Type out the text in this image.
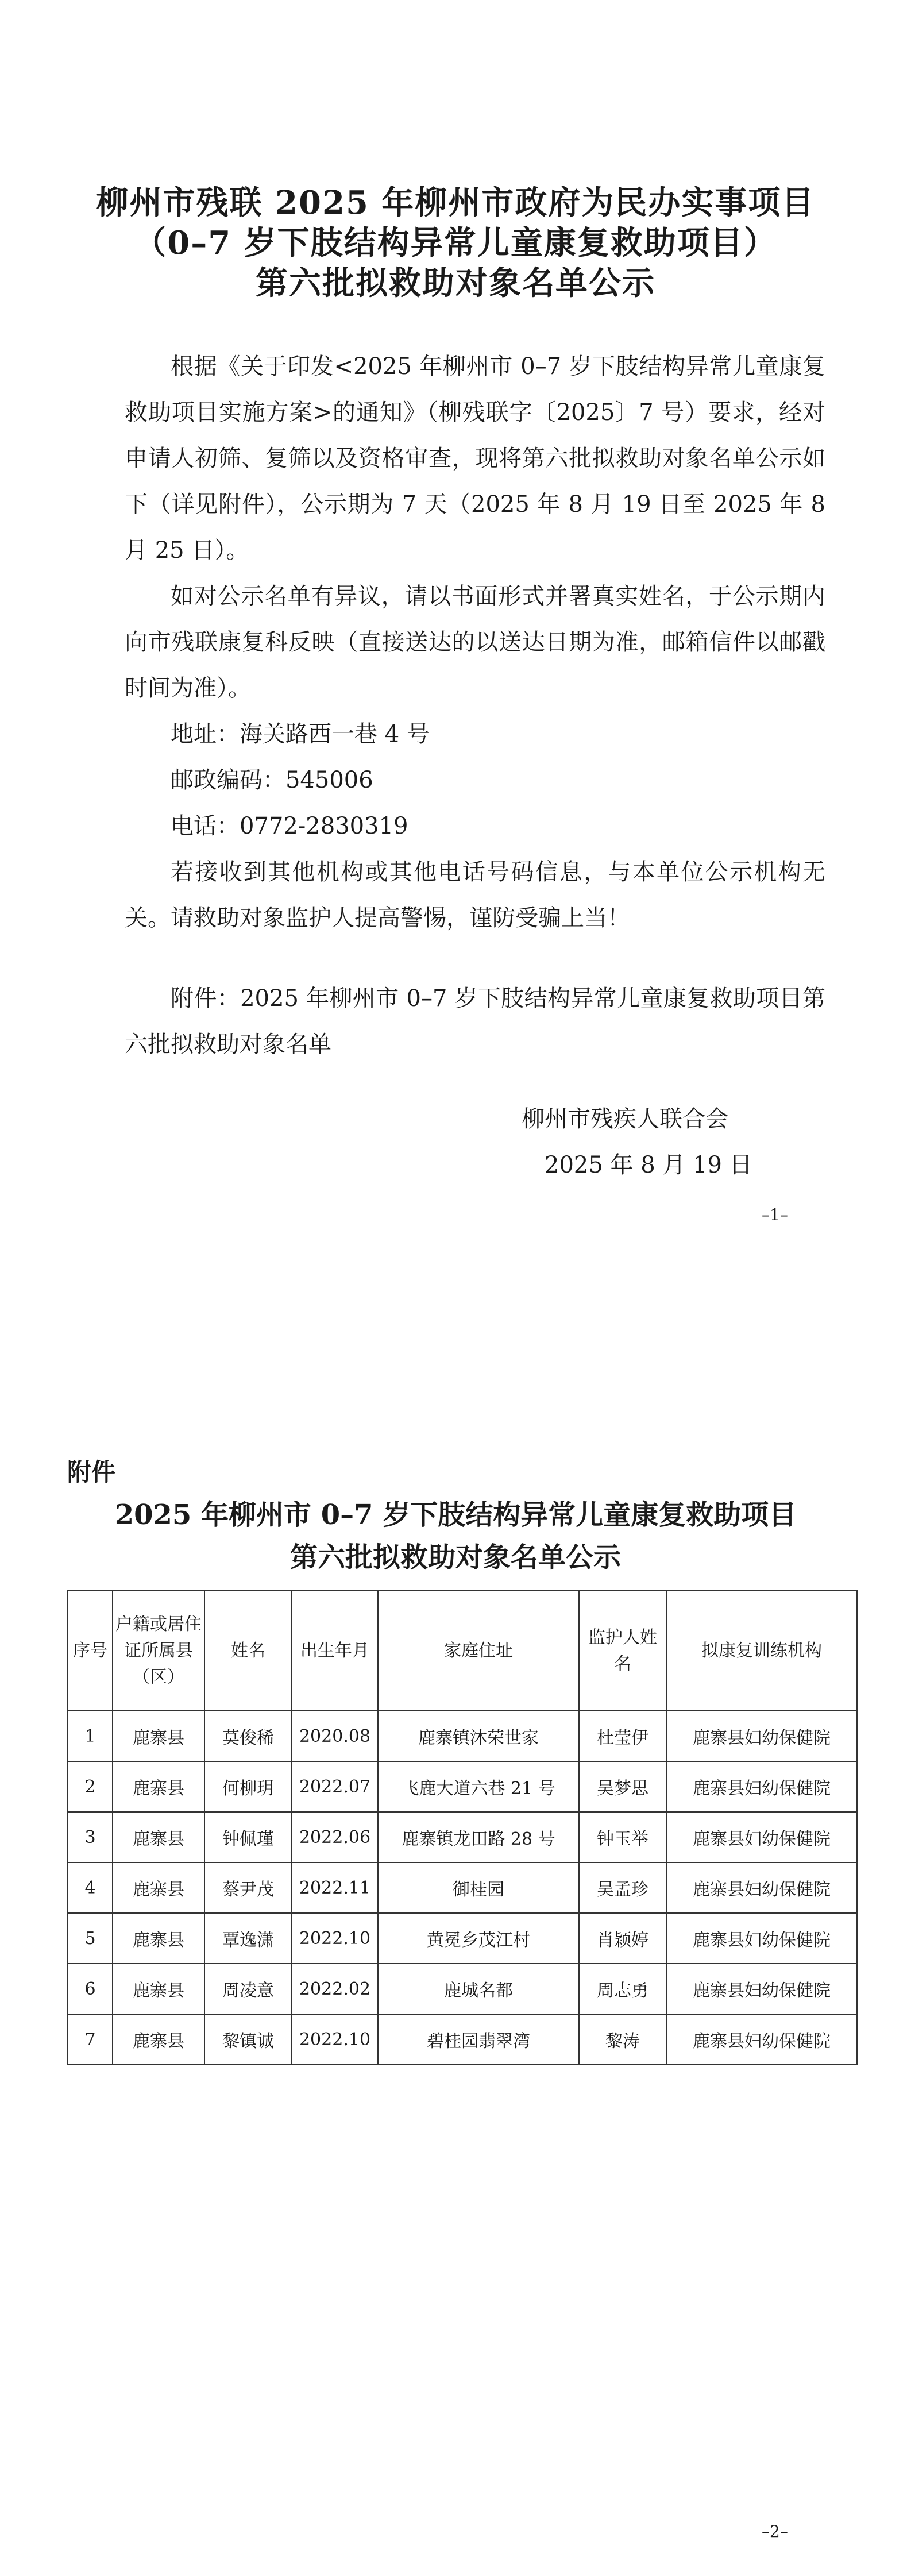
柳州市残联 2025 年柳州市政府为民办实事项目
（0–7 岁下肢结构异常儿童康复救助项目）
第六批拟救助对象名单公示

根据《关于印发<2025 年柳州市 0–7 岁下肢结构异常儿童康复救助项目实施方案>的通知》（柳残联字〔2025〕7 号）要求，经对申请人初筛、复筛以及资格审查，现将第六批拟救助对象名单公示如下（详见附件），公示期为 7 天（2025 年 8 月 19 日至 2025 年 8 月 25 日）。

如对公示名单有异议，请以书面形式并署真实姓名，于公示期内向市残联康复科反映（直接送达的以送达日期为准，邮箱信件以邮戳时间为准）。

地址：海关路西一巷 4 号

邮政编码：545006

电话：0772-2830319

若接收到其他机构或其他电话号码信息，与本单位公示机构无关。请救助对象监护人提高警惕，谨防受骗上当！

附件：2025 年柳州市 0–7 岁下肢结构异常儿童康复救助项目第六批拟救助对象名单

柳州市残疾人联合会
2025 年 8 月 19 日
–1–
附件
2025 年柳州市 0–7 岁下肢结构异常儿童康复救助项目
第六批拟救助对象名单公示
序号	户籍或居住证所属县（区）	姓名	出生年月	家庭住址	监护人姓名	拟康复训练机构
1	鹿寨县	莫俊稀	2020.08	鹿寨镇沐荣世家	杜莹伊	鹿寨县妇幼保健院
2	鹿寨县	何柳玥	2022.07	飞鹿大道六巷 21 号	吴梦思	鹿寨县妇幼保健院
3	鹿寨县	钟佩瑾	2022.06	鹿寨镇龙田路 28 号	钟玉举	鹿寨县妇幼保健院
4	鹿寨县	蔡尹茂	2022.11	御桂园	吴孟珍	鹿寨县妇幼保健院
5	鹿寨县	覃逸潇	2022.10	黄冕乡茂江村	肖颖婷	鹿寨县妇幼保健院
6	鹿寨县	周凌意	2022.02	鹿城名都	周志勇	鹿寨县妇幼保健院
7	鹿寨县	黎镇诚	2022.10	碧桂园翡翠湾	黎涛	鹿寨县妇幼保健院
–2–
